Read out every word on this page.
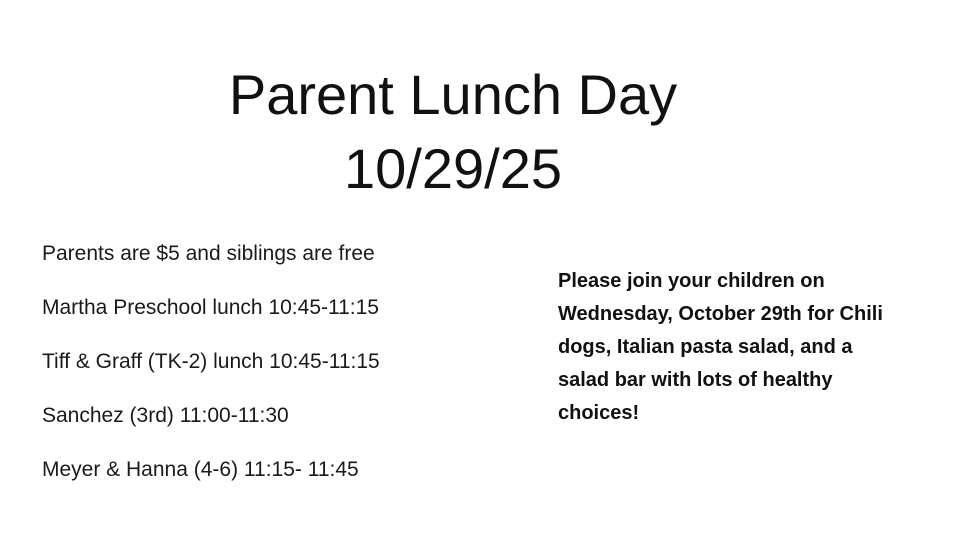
Parent Lunch Day
10/29/25
Parents are $5 and siblings are free
Martha Preschool lunch 10:45-11:15
Tiff & Graff (TK-2) lunch 10:45-11:15
Sanchez (3rd) 11:00-11:30
Meyer & Hanna (4-6) 11:15- 11:45

Please join your children on Wednesday, October 29th for Chili dogs, Italian pasta salad, and a salad bar with lots of healthy choices!
